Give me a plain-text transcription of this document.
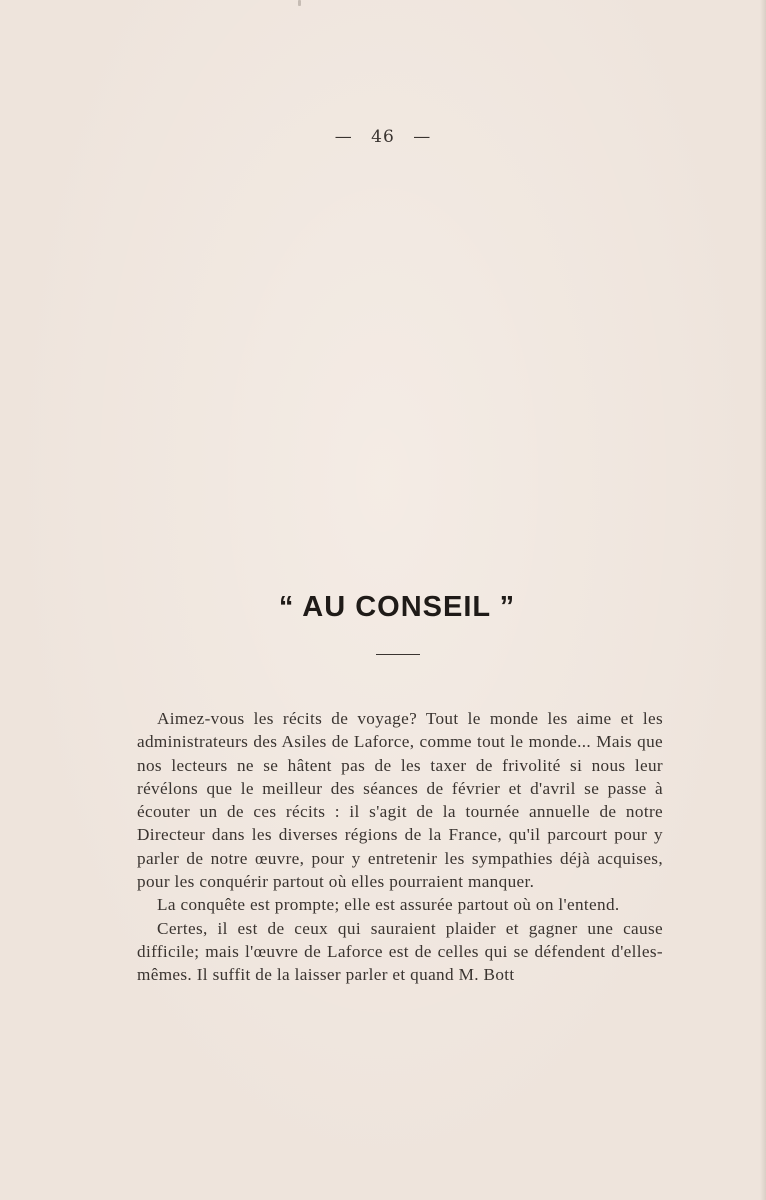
— 46 —
“ AU CONSEIL ”

Aimez-vous les récits de voyage? Tout le monde les aime et les administrateurs des Asiles de Laforce, comme tout le monde... Mais que nos lecteurs ne se hâtent pas de les taxer de frivolité si nous leur révélons que le meilleur des séances de février et d'avril se passe à écouter un de ces récits : il s'agit de la tournée annuelle de notre Directeur dans les diverses régions de la France, qu'il parcourt pour y parler de notre œuvre, pour y entretenir les sympathies déjà acquises, pour les conquérir partout où elles pourraient manquer.

La conquête est prompte; elle est assurée partout où on l'entend.

Certes, il est de ceux qui sauraient plaider et gagner une cause difficile; mais l'œuvre de Laforce est de celles qui se défendent d'elles-mêmes. Il suffit de la laisser parler et quand M. Bott
